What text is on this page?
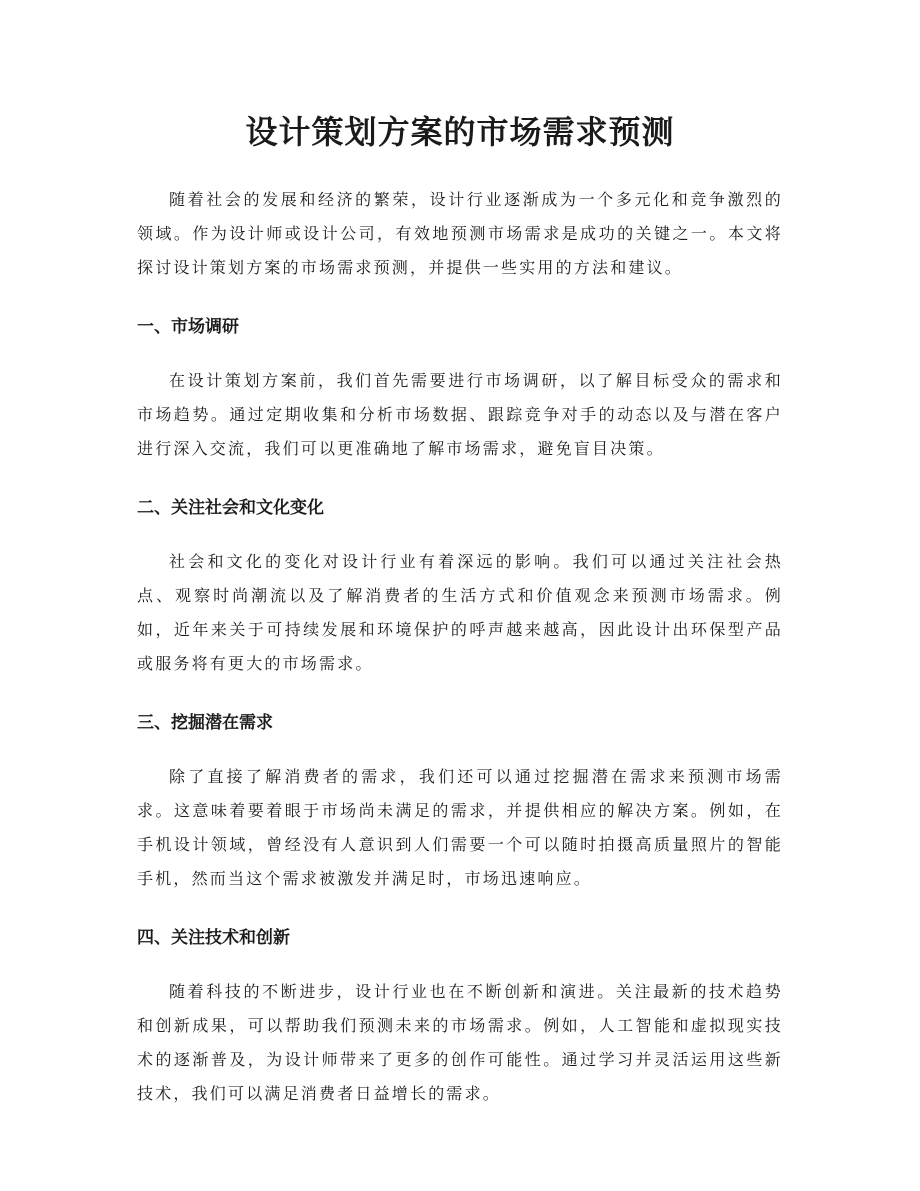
设计策划方案的市场需求预测

随着社会的发展和经济的繁荣，设计行业逐渐成为一个多元化和竞争激烈的领域。作为设计师或设计公司，有效地预测市场需求是成功的关键之一。本文将探讨设计策划方案的市场需求预测，并提供一些实用的方法和建议。

一、市场调研

在设计策划方案前，我们首先需要进行市场调研，以了解目标受众的需求和市场趋势。通过定期收集和分析市场数据、跟踪竞争对手的动态以及与潜在客户进行深入交流，我们可以更准确地了解市场需求，避免盲目决策。

二、关注社会和文化变化

社会和文化的变化对设计行业有着深远的影响。我们可以通过关注社会热点、观察时尚潮流以及了解消费者的生活方式和价值观念来预测市场需求。例如，近年来关于可持续发展和环境保护的呼声越来越高，因此设计出环保型产品或服务将有更大的市场需求。

三、挖掘潜在需求

除了直接了解消费者的需求，我们还可以通过挖掘潜在需求来预测市场需求。这意味着要着眼于市场尚未满足的需求，并提供相应的解决方案。例如，在手机设计领域，曾经没有人意识到人们需要一个可以随时拍摄高质量照片的智能手机，然而当这个需求被激发并满足时，市场迅速响应。

四、关注技术和创新

随着科技的不断进步，设计行业也在不断创新和演进。关注最新的技术趋势和创新成果，可以帮助我们预测未来的市场需求。例如，人工智能和虚拟现实技术的逐渐普及，为设计师带来了更多的创作可能性。通过学习并灵活运用这些新技术，我们可以满足消费者日益增长的需求。
